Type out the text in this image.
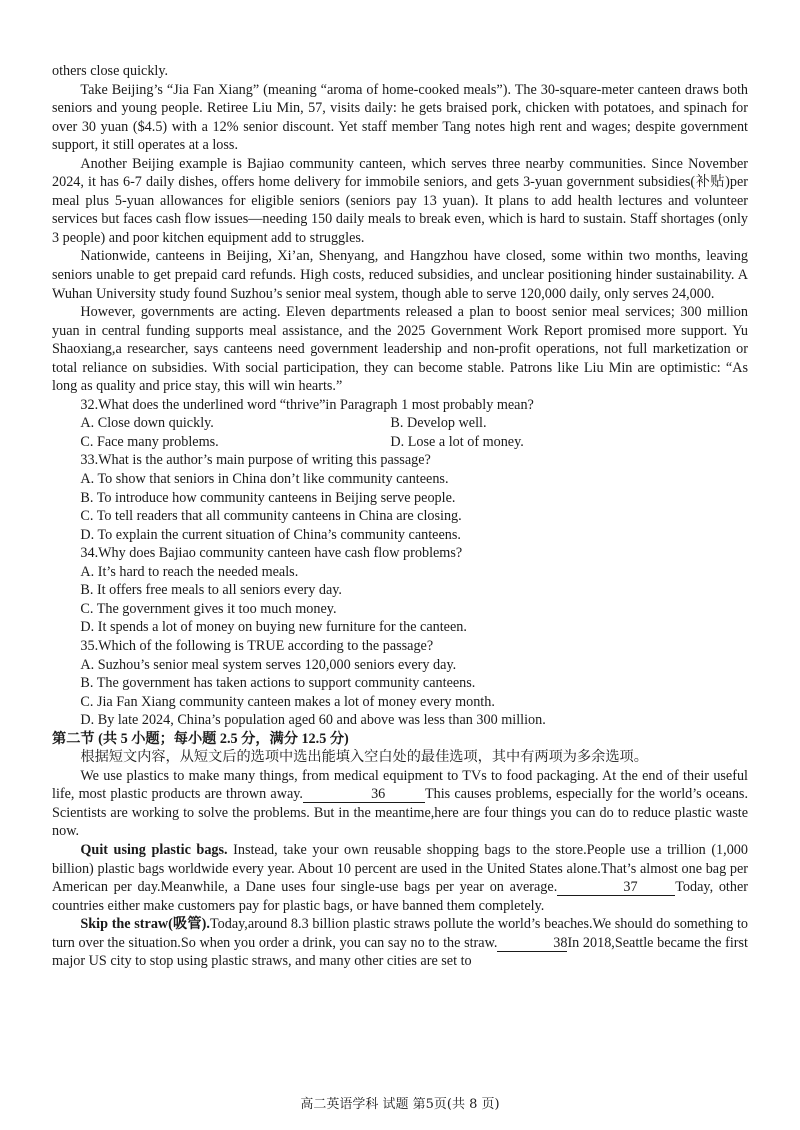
others close quickly.

Take Beijing’s “Jia Fan Xiang” (meaning “aroma of home-cooked meals”). The 30-square-meter canteen draws both seniors and young people. Retiree Liu Min, 57, visits daily: he gets braised pork, chicken with potatoes, and spinach for over 30 yuan ($4.5) with a 12% senior discount. Yet staff member Tang notes high rent and wages; despite government support, it still operates at a loss.

Another Beijing example is Bajiao community canteen, which serves three nearby communities. Since November 2024, it has 6-7 daily dishes, offers home delivery for immobile seniors, and gets 3-yuan government subsidies(补贴)per meal plus 5-yuan allowances for eligible seniors (seniors pay 13 yuan). It plans to add health lectures and volunteer services but faces cash flow issues—needing 150 daily meals to break even, which is hard to sustain. Staff shortages (only 3 people) and poor kitchen equipment add to struggles.

Nationwide, canteens in Beijing, Xi’an, Shenyang, and Hangzhou have closed, some within two months, leaving seniors unable to get prepaid card refunds. High costs, reduced subsidies, and unclear positioning hinder sustainability. A Wuhan University study found Suzhou’s senior meal system, though able to serve 120,000 daily, only serves 24,000.

However, governments are acting. Eleven departments released a plan to boost senior meal services; 300 million yuan in central funding supports meal assistance, and the 2025 Government Work Report promised more support. Yu Shaoxiang,a researcher, says canteens need government leadership and non-profit operations, not full marketization or total reliance on subsidies. With social participation, they can become stable. Patrons like Liu Min are optimistic: “As long as quality and price stay, this will win hearts.”

32.What does the underlined word “thrive”in Paragraph 1 most probably mean?

A. Close down quickly.	B. Develop well.
C. Face many problems.	D. Lose a lot of money.

33.What is the author’s main purpose of writing this passage?

A. To show that seniors in China don’t like community canteens.

B. To introduce how community canteens in Beijing serve people.

C. To tell readers that all community canteens in China are closing.

D. To explain the current situation of China’s community canteens.

34.Why does Bajiao community canteen have cash flow problems?

A. It’s hard to reach the needed meals.

B. It offers free meals to all seniors every day.

C. The government gives it too much money.

D. It spends a lot of money on buying new furniture for the canteen.

35.Which of the following is TRUE according to the passage?

A. Suzhou’s senior meal system serves 120,000 seniors every day.

B. The government has taken actions to support community canteens.

C. Jia Fan Xiang community canteen makes a lot of money every month.

D. By late 2024, China’s population aged 60 and above was less than 300 million.

第二节 (共 5 小题；每小题 2.5 分，满分 12.5 分)

根据短文内容，从短文后的选项中选出能填入空白处的最佳选项，其中有两项为多余选项。

We use plastics to make many things, from medical equipment to TVs to food packaging. At the end of their useful life, most plastic products are thrown away.	36	This causes problems, especially for the world’s oceans. Scientists are working to solve the problems. But in the meantime,here are four things you can do to reduce plastic waste now.

Quit using plastic bags. Instead, take your own reusable shopping bags to the store.People use a trillion (1,000 billion) plastic bags worldwide every year. About 10 percent are used in the United States alone.That’s almost one bag per American per day.Meanwhile, a Dane uses four single-use bags per year on average.	37	Today, other countries either make customers pay for plastic bags, or have banned them completely.

Skip the straw(吸管).Today,around 8.3 billion plastic straws pollute the world’s beaches.We should do something to turn over the situation.So when you order a drink, you can say no to the straw.	38In 2018,Seattle became the first major US city to stop using plastic straws, and many other cities are set to

高二英语学科 试题 第5页(共 8 页)
